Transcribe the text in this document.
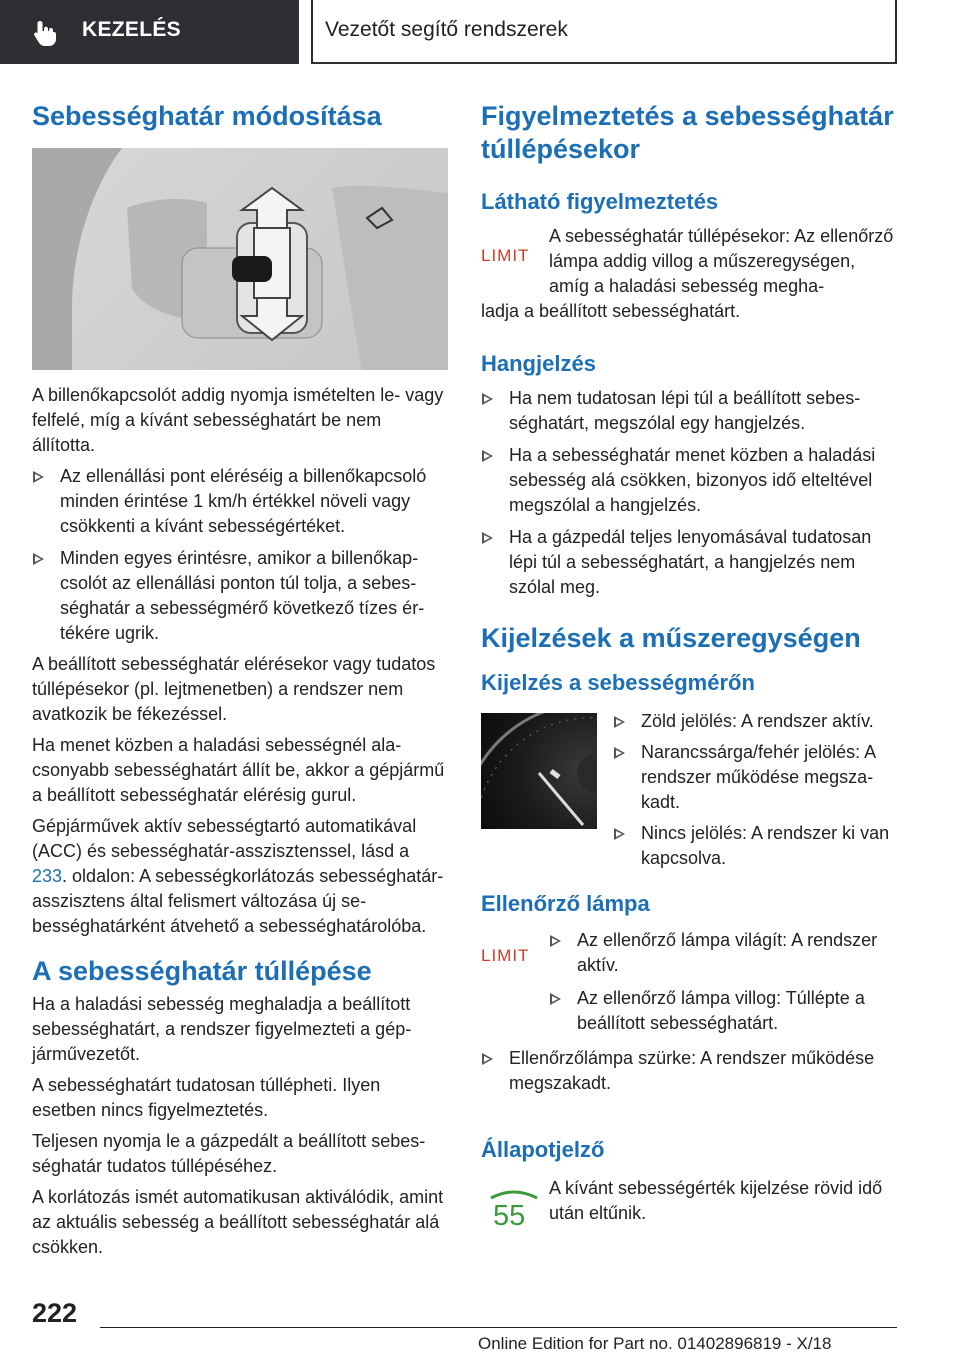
KEZELÉS	Vezetőt segítő rendszerek
Sebességhatár módosítása

A billenőkapcsolót addig nyomja ismételten le- vagy felfelé, míg a kívánt sebességhatárt be nem állította.

Az ellenállási pont eléréséig a billenőkapcsoló minden érintése 1 km/h értékkel növeli vagy csökkenti a kívánt sebességértéket.
Minden egyes érintésre, amikor a billenőkapcsolót az ellenállási ponton túl tolja, a sebességhatár a sebességmérő következő tízes értékére ugrik.

A beállított sebességhatár elérésekor vagy tudatos túllépésekor (pl. lejtmenetben) a rendszer nem avatkozik be fékezéssel.

Ha menet közben a haladási sebességnél alacsonyabb sebességhatárt állít be, akkor a gépjármű a beállított sebességhatár elérésig gurul.

Gépjárművek aktív sebességtartó automatikával (ACC) és sebességhatár-asszisztenssel, lásd a 233. oldalon: A sebességkorlátozás sebességhatár-asszisztens által felismert változása új sebességhatárként átvehető a sebességhatárolóba.

A sebességhatár túllépése

Ha a haladási sebesség meghaladja a beállított sebességhatárt, a rendszer figyelmezteti a gépjárművezetőt.

A sebességhatárt tudatosan túllépheti. Ilyen esetben nincs figyelmeztetés.

Teljesen nyomja le a gázpedált a beállított sebességhatár tudatos túllépéséhez.

A korlátozás ismét automatikusan aktiválódik, amint az aktuális sebesség a beállított sebességhatár alá csökken.

Figyelmeztetés a sebességhatár túllépésekor
Látható figyelmeztetés
LIMIT

A sebességhatár túllépésekor: Az ellenőrző lámpa addig villog a műszeregységen, amíg a haladási sebesség megha-

ladja a beállított sebességhatárt.

Hangjelzés
Ha nem tudatosan lépi túl a beállított sebességhatárt, megszólal egy hangjelzés.
Ha a sebességhatár menet közben a haladási sebesség alá csökken, bizonyos idő elteltével megszólal a hangjelzés.
Ha a gázpedál teljes lenyomásával tudatosan lépi túl a sebességhatárt, a hangjelzés nem szólal meg.
Kijelzések a műszeregységen
Kijelzés a sebességmérőn
Zöld jelölés: A rendszer aktív.
Narancssárga/fehér jelölés: A rendszer működése megszakadt.
Nincs jelölés: A rendszer ki van kapcsolva.
Ellenőrző lámpa
LIMIT
Az ellenőrző lámpa világít: A rendszer aktív.
Az ellenőrző lámpa villog: Túllépte a beállított sebességhatárt.
Ellenőrzőlámpa szürke: A rendszer működése megszakadt.
Állapotjelző
55

A kívánt sebességérték kijelzése rövid idő után eltűnik.

222
Online Edition for Part no. 01402896819 - X/18
